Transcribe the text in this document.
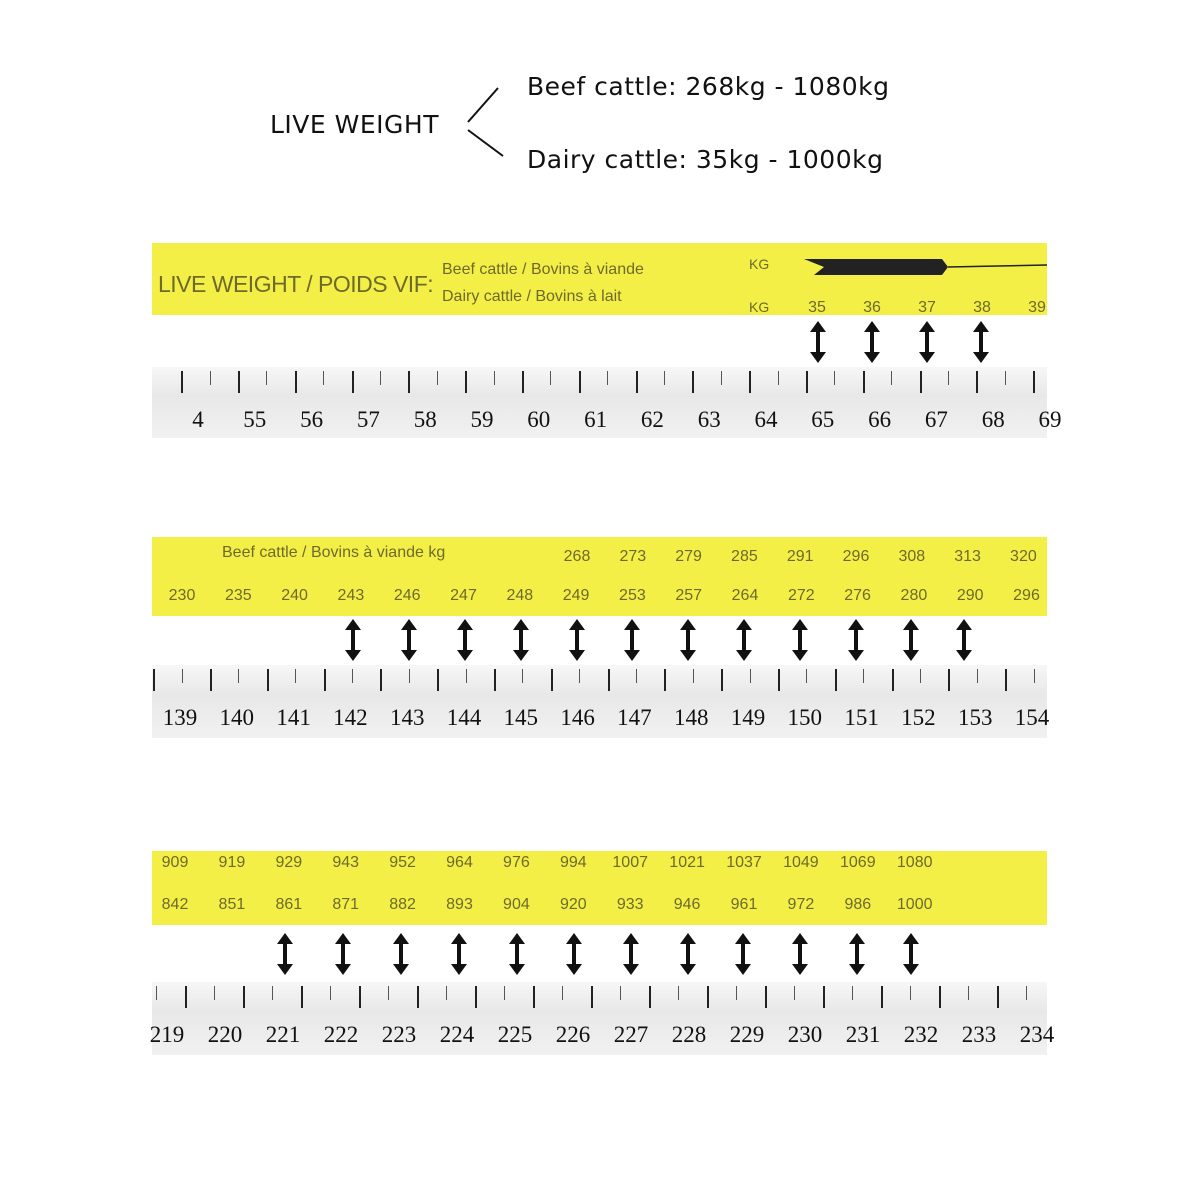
LIVE WEIGHT
Beef cattle: 268kg - 1080kg
Dairy cattle: 35kg - 1000kg
LIVE WEIGHT / POIDS VIF:
Beef cattle / Bovins à viande
Dairy cattle / Bovins à lait
KG
KG 35 36 37 38 39
4 55 56 57 58 59 60 61 62 63 64 65 66 67 68 69
Beef cattle / Bovins à viande kg	268 273 279 285 291 296 308 313 320
230 235 240 243 246 247 248 249 253 257 264 272 276 280 290 296
139 140 141 142 143 144 145 146 147 148 149 150 151 152 153 154
909 919 929 943 952 964 976 994 1007 1021 1037 1049 1069 1080
842 851 861 871 882 893 904 920 933 946 961 972 986 1000
219 220 221 222 223 224 225 226 227 228 229 230 231 232 233 234
